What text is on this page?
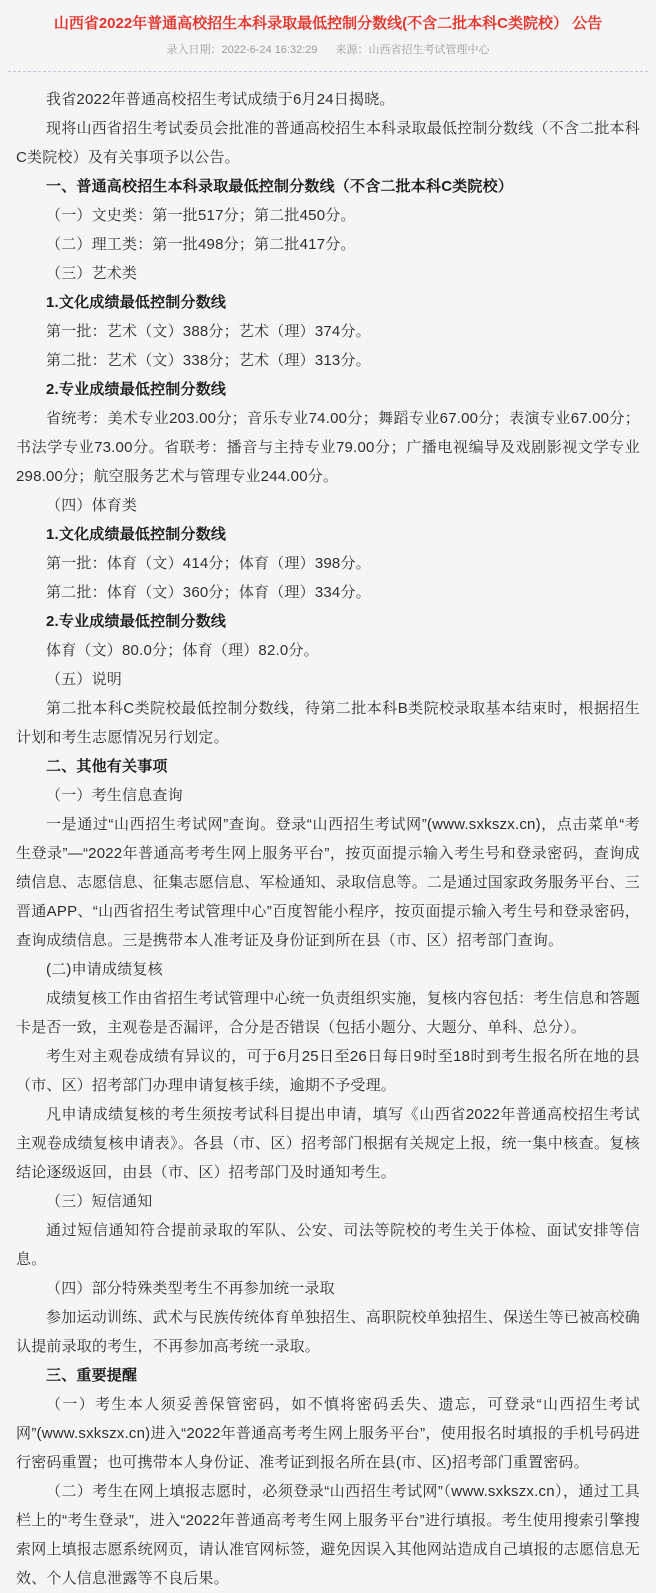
山西省2022年普通高校招生本科录取最低控制分数线(不含二批本科C类院校） 公告
录入日期：2022-6-24 16:32:29 来源：山西省招生考试管理中心

我省2022年普通高校招生考试成绩于6月24日揭晓。

现将山西省招生考试委员会批准的普通高校招生本科录取最低控制分数线（不含二批本科C类院校）及有关事项予以公告。

一、普通高校招生本科录取最低控制分数线（不含二批本科C类院校）

（一）文史类：第一批517分；第二批450分。

（二）理工类：第一批498分；第二批417分。

（三）艺术类

1.文化成绩最低控制分数线

第一批：艺术（文）388分；艺术（理）374分。

第二批：艺术（文）338分；艺术（理）313分。

2.专业成绩最低控制分数线

省统考：美术专业203.00分；音乐专业74.00分；舞蹈专业67.00分；表演专业67.00分；书法学专业73.00分。省联考：播音与主持专业79.00分；广播电视编导及戏剧影视文学专业298.00分；航空服务艺术与管理专业244.00分。

（四）体育类

1.文化成绩最低控制分数线

第一批：体育（文）414分；体育（理）398分。

第二批：体育（文）360分；体育（理）334分。

2.专业成绩最低控制分数线

体育（文）80.0分；体育（理）82.0分。

（五）说明

第二批本科C类院校最低控制分数线，待第二批本科B类院校录取基本结束时，根据招生计划和考生志愿情况另行划定。

二、其他有关事项

（一）考生信息查询

一是通过“山西招生考试网”查询。登录“山西招生考试网”(www.sxkszx.cn)，点击菜单“考生登录”—“2022年普通高考考生网上服务平台”，按页面提示输入考生号和登录密码，查询成绩信息、志愿信息、征集志愿信息、军检通知、录取信息等。二是通过国家政务服务平台、三晋通APP、“山西省招生考试管理中心”百度智能小程序，按页面提示输入考生号和登录密码，查询成绩信息。三是携带本人准考证及身份证到所在县（市、区）招考部门查询。

(二)申请成绩复核

成绩复核工作由省招生考试管理中心统一负责组织实施，复核内容包括：考生信息和答题卡是否一致，主观卷是否漏评，合分是否错误（包括小题分、大题分、单科、总分）。

考生对主观卷成绩有异议的，可于6月25日至26日每日9时至18时到考生报名所在地的县（市、区）招考部门办理申请复核手续，逾期不予受理。

凡申请成绩复核的考生须按考试科目提出申请，填写《山西省2022年普通高校招生考试主观卷成绩复核申请表》。各县（市、区）招考部门根据有关规定上报，统一集中核查。复核结论逐级返回，由县（市、区）招考部门及时通知考生。

（三）短信通知

通过短信通知符合提前录取的军队、公安、司法等院校的考生关于体检、面试安排等信息。

（四）部分特殊类型考生不再参加统一录取

参加运动训练、武术与民族传统体育单独招生、高职院校单独招生、保送生等已被高校确认提前录取的考生，不再参加高考统一录取。

三、重要提醒

（一）考生本人须妥善保管密码，如不慎将密码丢失、遗忘，可登录“山西招生考试网”(www.sxkszx.cn)进入“2022年普通高考考生网上服务平台”，使用报名时填报的手机号码进行密码重置；也可携带本人身份证、准考证到报名所在县(市、区)招考部门重置密码。

（二）考生在网上填报志愿时，必须登录“山西招生考试网”（www.sxkszx.cn），通过工具栏上的“考生登录”，进入“2022年普通高考考生网上服务平台”进行填报。考生使用搜索引擎搜索网上填报志愿系统网页，请认准官网标签，避免因误入其他网站造成自己填报的志愿信息无效、个人信息泄露等不良后果。
